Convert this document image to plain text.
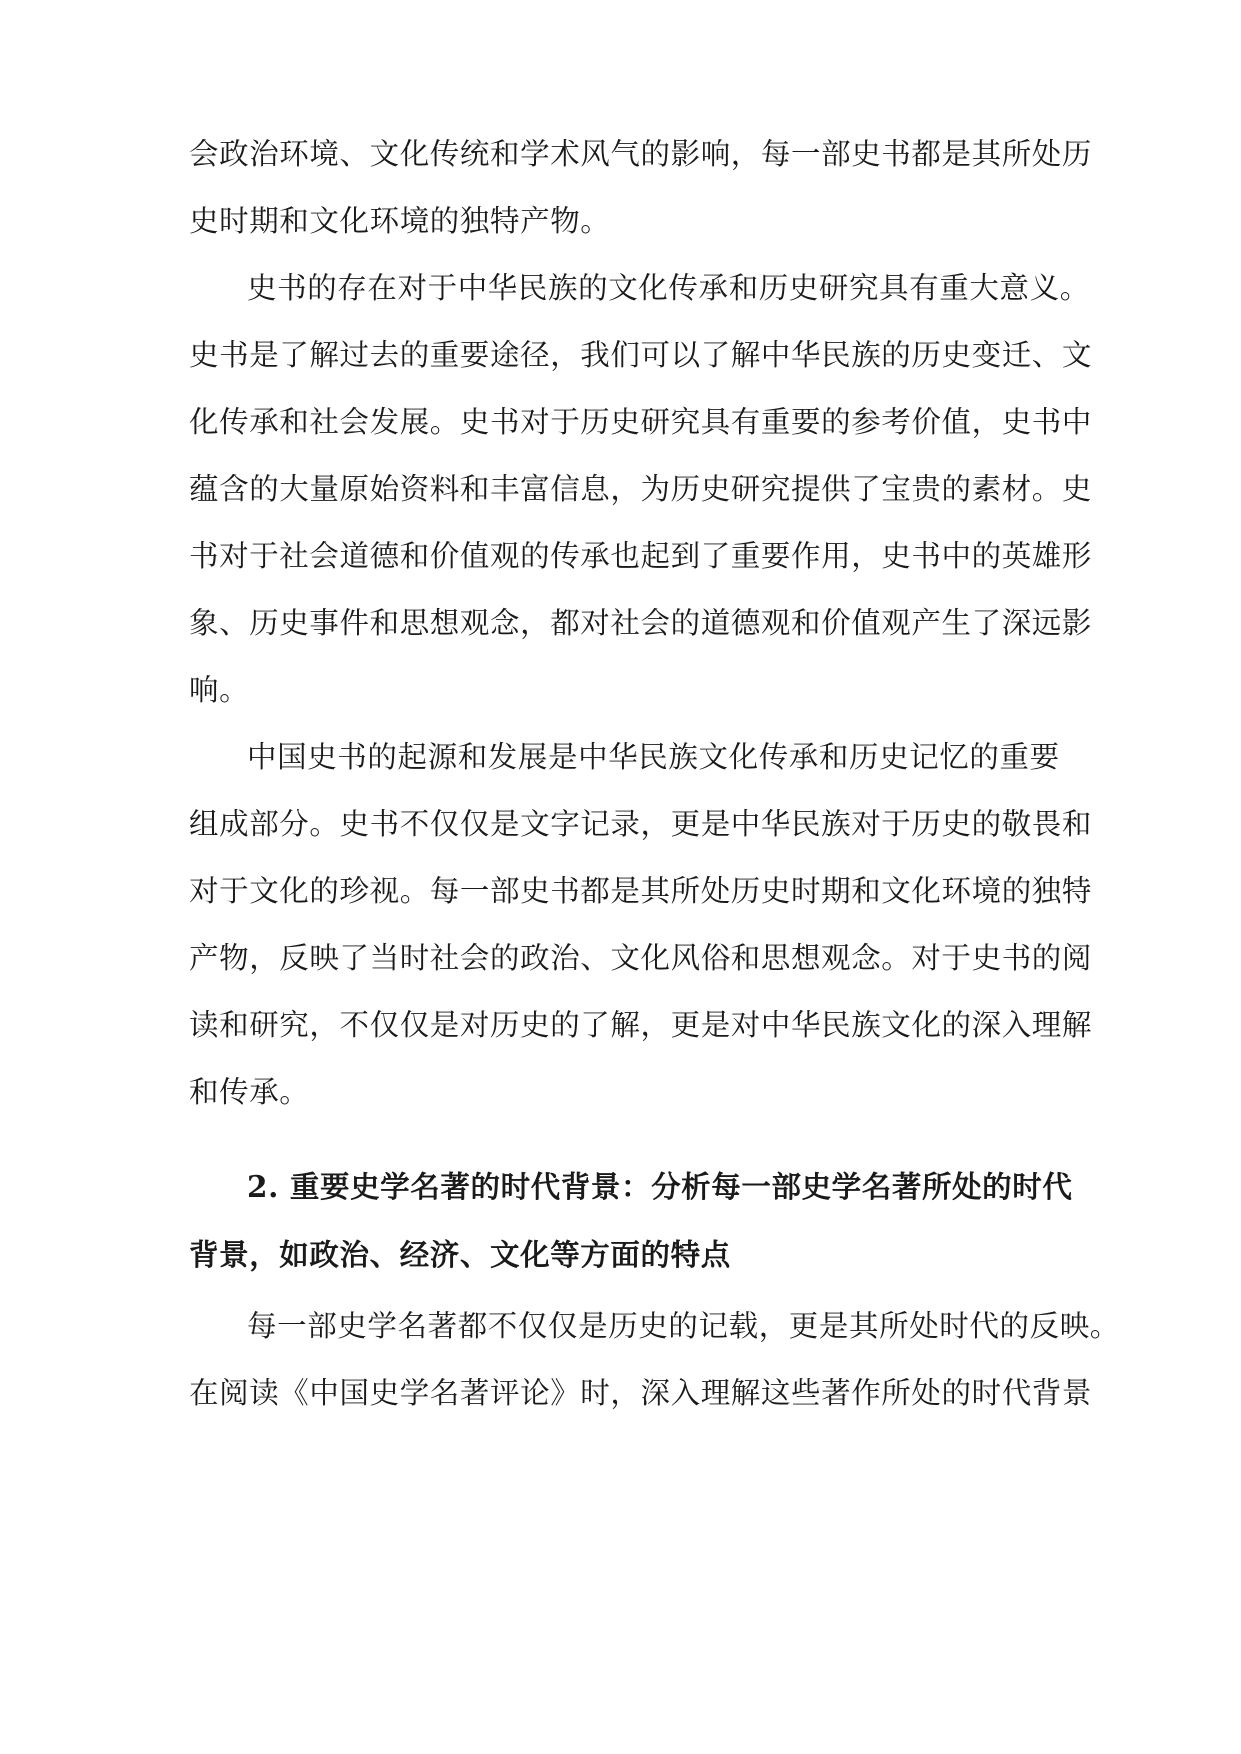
会政治环境、文化传统和学术风气的影响，每一部史书都是其所处历
史时期和文化环境的独特产物。
史书的存在对于中华民族的文化传承和历史研究具有重大意义。
史书是了解过去的重要途径，我们可以了解中华民族的历史变迁、文
化传承和社会发展。史书对于历史研究具有重要的参考价值，史书中
蕴含的大量原始资料和丰富信息，为历史研究提供了宝贵的素材。史
书对于社会道德和价值观的传承也起到了重要作用，史书中的英雄形
象、历史事件和思想观念，都对社会的道德观和价值观产生了深远影
响。
中国史书的起源和发展是中华民族文化传承和历史记忆的重要
组成部分。史书不仅仅是文字记录，更是中华民族对于历史的敬畏和
对于文化的珍视。每一部史书都是其所处历史时期和文化环境的独特
产物，反映了当时社会的政治、文化风俗和思想观念。对于史书的阅
读和研究，不仅仅是对历史的了解，更是对中华民族文化的深入理解
和传承。
2. 重要史学名著的时代背景：分析每一部史学名著所处的时代
背景，如政治、经济、文化等方面的特点
每一部史学名著都不仅仅是历史的记载，更是其所处时代的反映。
在阅读《中国史学名著评论》时，深入理解这些著作所处的时代背景
